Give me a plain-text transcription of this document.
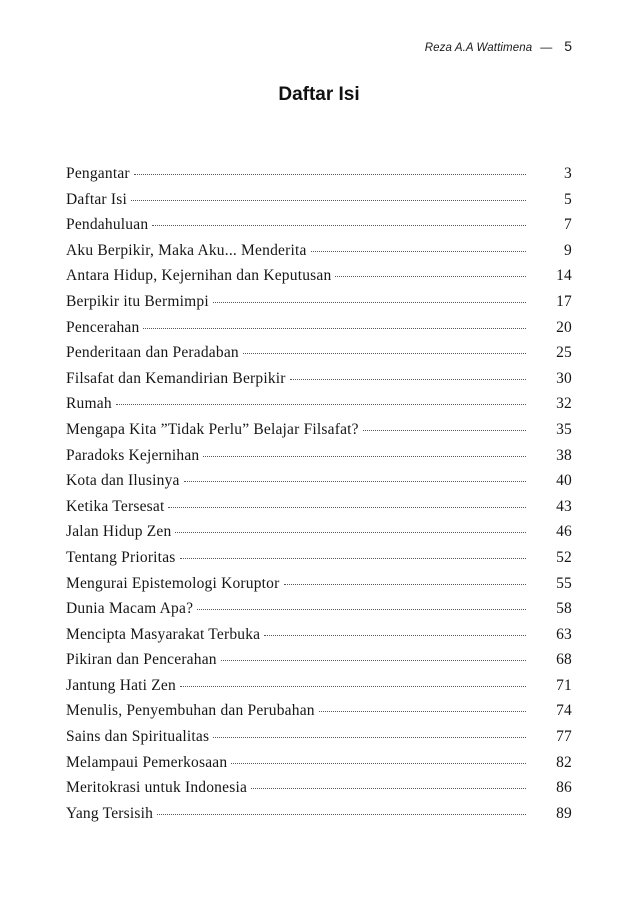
Reza A.A Wattimena — 5
Daftar Isi
Pengantar	3
Daftar Isi	5
Pendahuluan	7
Aku Berpikir, Maka Aku... Menderita	9
Antara Hidup, Kejernihan dan Keputusan	14
Berpikir itu Bermimpi	17
Pencerahan	20
Penderitaan dan Peradaban	25
Filsafat dan Kemandirian Berpikir	30
Rumah	32
Mengapa Kita ”Tidak Perlu” Belajar Filsafat?	35
Paradoks Kejernihan	38
Kota dan Ilusinya	40
Ketika Tersesat	43
Jalan Hidup Zen	46
Tentang Prioritas	52
Mengurai Epistemologi Koruptor	55
Dunia Macam Apa?	58
Mencipta Masyarakat Terbuka	63
Pikiran dan Pencerahan	68
Jantung Hati Zen	71
Menulis, Penyembuhan dan Perubahan	74
Sains dan Spiritualitas	77
Melampaui Pemerkosaan	82
Meritokrasi untuk Indonesia	86
Yang Tersisih	89
